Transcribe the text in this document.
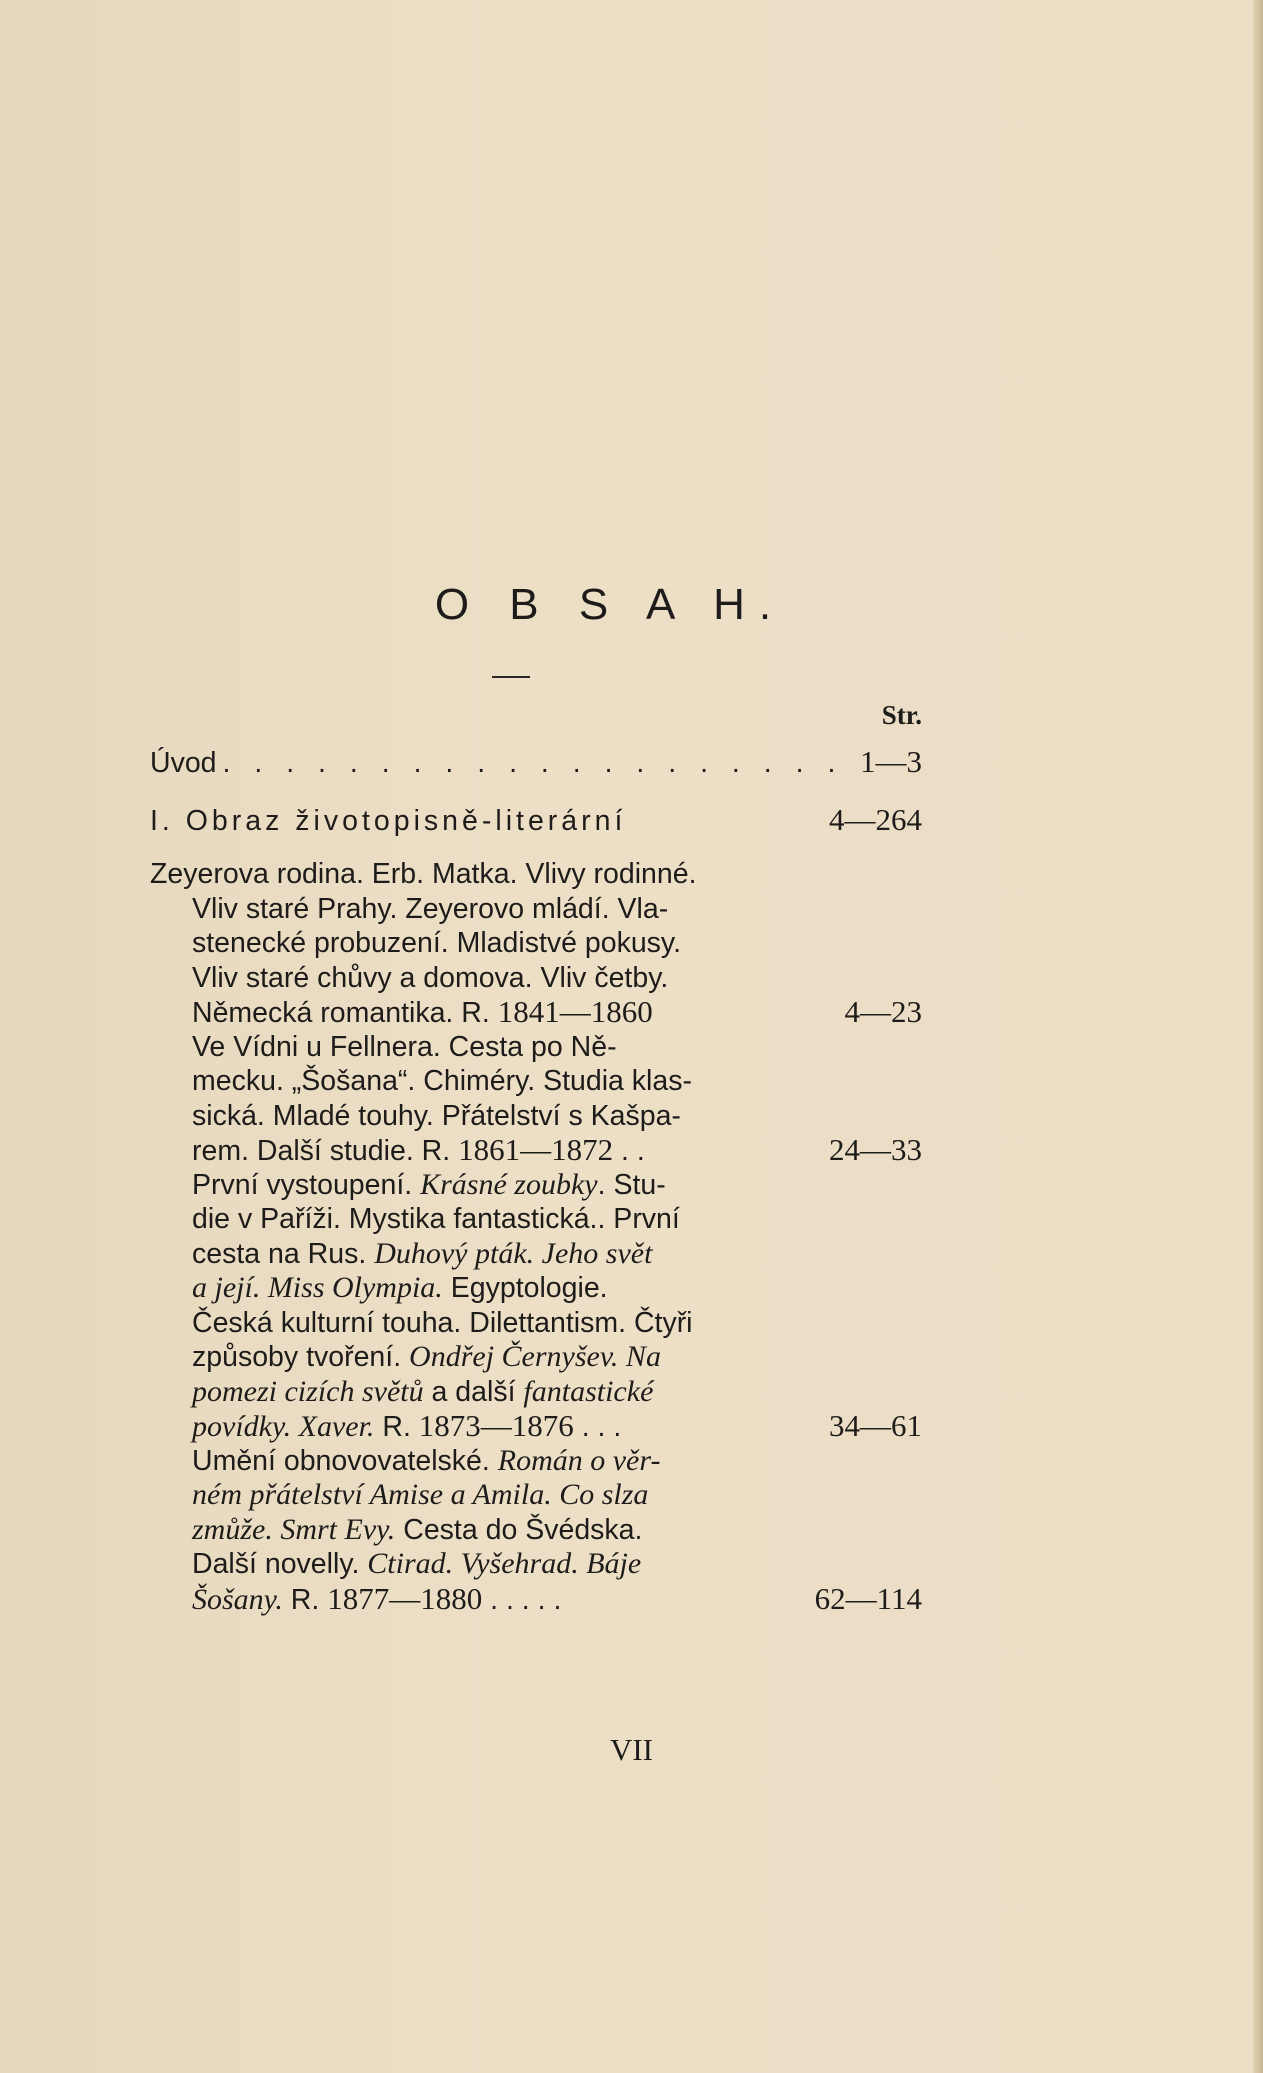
O B S A H.
Str.
Úvod . . . . . . . . . . . . . . . . . . . . 1—3
I. Obraz životopisně-literární	4—264
Zeyerova rodina. Erb. Matka. Vlivy rodinné.
Vliv staré Prahy. Zeyerovo mládí. Vla-
stenecké probuzení. Mladistvé pokusy.
Vliv staré chůvy a domova. Vliv četby.
Německá romantika. R. 1841—1860	4—23
Ve Vídni u Fellnera. Cesta po Ně-
mecku. „Šošana“. Chiméry. Studia klas-
sická. Mladé touhy. Přátelství s Kašpa-
rem. Další studie. R. 1861—1872 . .	24—33
První vystoupení. Krásné zoubky. Stu-
die v Paříži. Mystika fantastická.. První
cesta na Rus. Duhový pták. Jeho svět
a její. Miss Olympia. Egyptologie.
Česká kulturní touha. Dilettantism. Čtyři
způsoby tvoření. Ondřej Černyšev. Na
pomezi cizích světů a další fantastické
povídky. Xaver. R. 1873—1876 . . .	34—61
Umění obnovovatelské. Román o věr-
ném přátelství Amise a Amila. Co slza
zmůže. Smrt Evy. Cesta do Švédska.
Další novelly. Ctirad. Vyšehrad. Báje
Šošany. R. 1877—1880 . . . . .	62—114
VII
